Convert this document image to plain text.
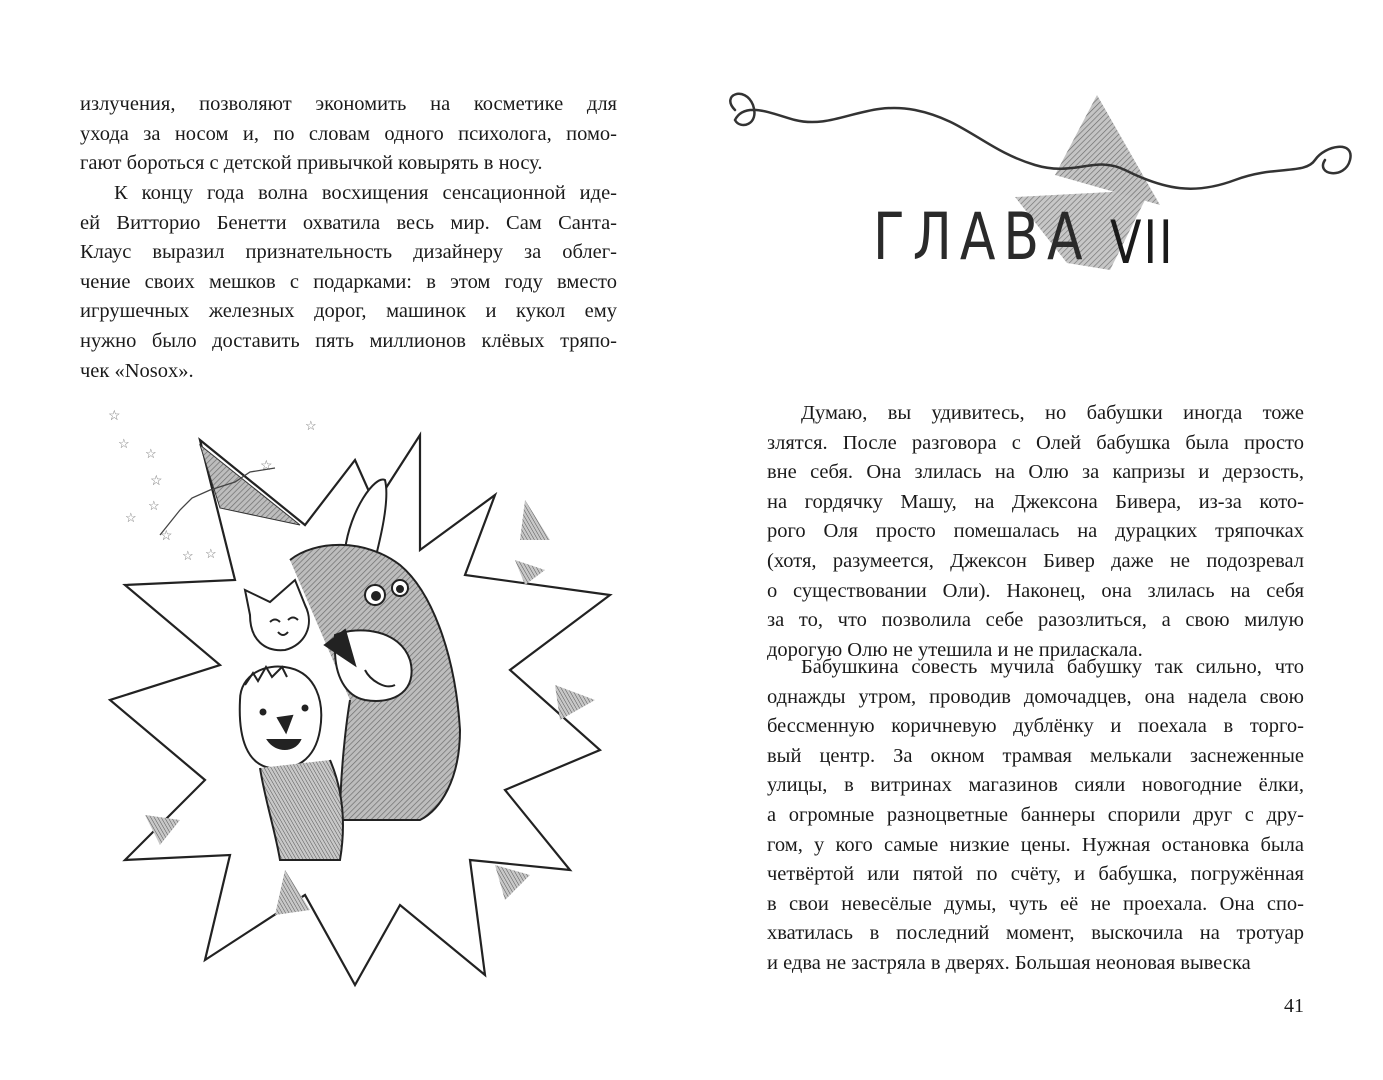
излучения, позволяют экономить на косметике для
ухода за носом и, по словам одного психолога, помо-
гают бороться с детской привычкой ковырять в носу.
К концу года волна восхищения сенсационной иде-
ей Витторио Бенетти охватила весь мир. Сам Санта-
Клаус выразил признательность дизайнеру за облег-
чение своих мешков с подарками: в этом году вместо
игрушечных железных дорог, машинок и кукол ему
нужно было доставить пять миллионов клёвых тряпо-
чек «Nosox».
☆
☆
☆
☆
☆
☆
☆
☆ ☆
☆
☆
ГЛАВА VII
Думаю, вы удивитесь, но бабушки иногда тоже
злятся. После разговора с Олей бабушка была просто
вне себя. Она злилась на Олю за капризы и дерзость,
на гордячку Машу, на Джексона Бивера, из-за кото-
рого Оля просто помешалась на дурацких тряпочках
(хотя, разумеется, Джексон Бивер даже не подозревал
о существовании Оли). Наконец, она злилась на себя
за то, что позволила себе разозлиться, а свою милую
дорогую Олю не утешила и не приласкала.
Бабушкина совесть мучила бабушку так сильно, что
однажды утром, проводив домочадцев, она надела свою
бессменную коричневую дублёнку и поехала в торго-
вый центр. За окном трамвая мелькали заснеженные
улицы, в витринах магазинов сияли новогодние ёлки,
а огромные разноцветные баннеры спорили друг с дру-
гом, у кого самые низкие цены. Нужная остановка была
четвёртой или пятой по счёту, и бабушка, погружённая
в свои невесёлые думы, чуть её не проехала. Она спо-
хватилась в последний момент, выскочила на тротуар
и едва не застряла в дверях. Большая неоновая вывеска
41
